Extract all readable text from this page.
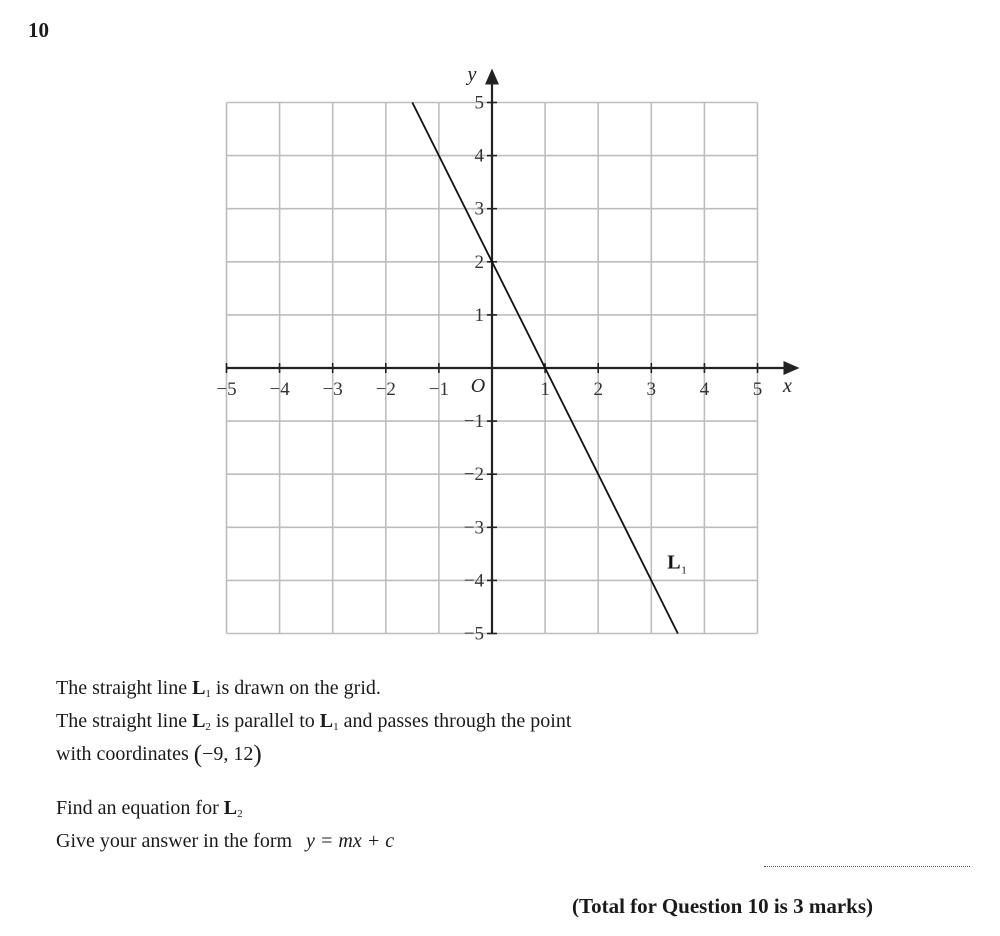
10
−5 −4 −3 −2 −1	1 2 3 4 5
−5
−4
−3
−2
−1
1
2
3
4
5
x
y
O
L 1

The straight line $L_1$ is drawn on the grid.

The straight line $L_2$ is parallel to $L_1$ and passes through the point

with coordinates (−9, 12)

Find an equation for $L_2$

Give your answer in the form y = mx + c

(Total for Question 10 is 3 marks)
